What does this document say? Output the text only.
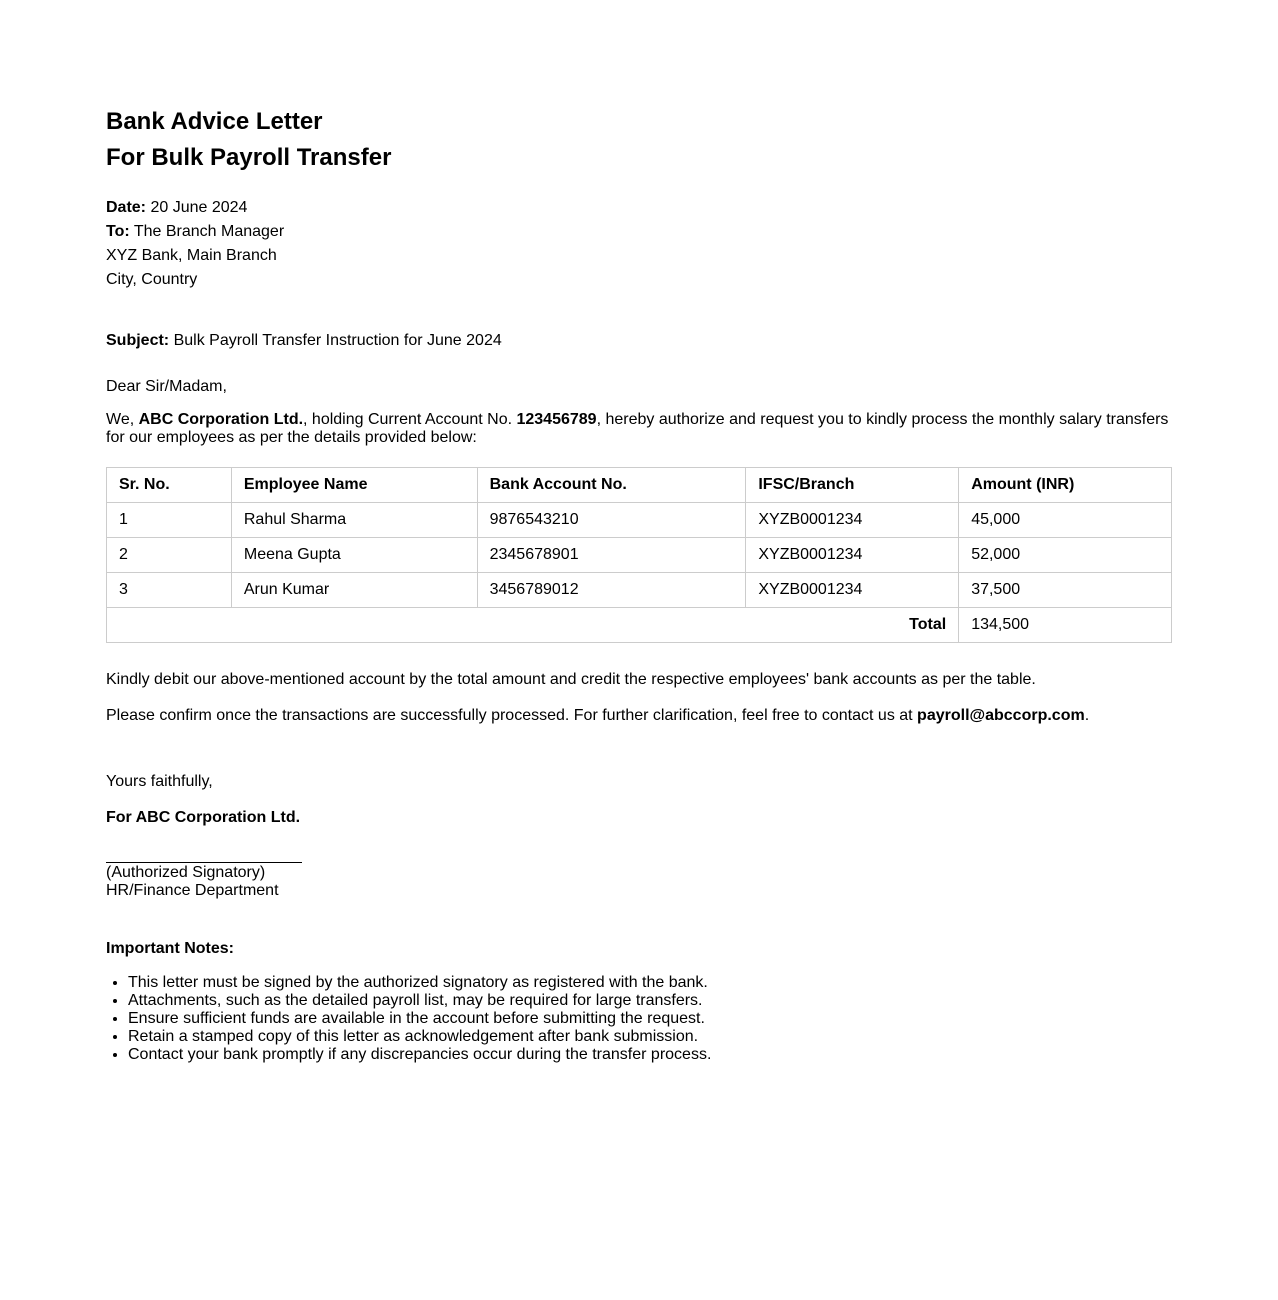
Bank Advice Letter
For Bulk Payroll Transfer
Date: 20 June 2024
To: The Branch Manager
XYZ Bank, Main Branch
City, Country
Subject: Bulk Payroll Transfer Instruction for June 2024
Dear Sir/Madam,
We, ABC Corporation Ltd., holding Current Account No. 123456789, hereby authorize and request you to kindly process the monthly salary transfers for our employees as per the details provided below:
Sr. No.	Employee Name	Bank Account No.	IFSC/Branch	Amount (INR)
1	Rahul Sharma	9876543210	XYZB0001234	45,000
2	Meena Gupta	2345678901	XYZB0001234	52,000
3	Arun Kumar	3456789012	XYZB0001234	37,500
Total				134,500
Kindly debit our above-mentioned account by the total amount and credit the respective employees' bank accounts as per the table.
Please confirm once the transactions are successfully processed. For further clarification, feel free to contact us at payroll@abccorp.com.
Yours faithfully,
For ABC Corporation Ltd.
(Authorized Signatory)
HR/Finance Department
Important Notes:
• This letter must be signed by the authorized signatory as registered with the bank.
• Attachments, such as the detailed payroll list, may be required for large transfers.
• Ensure sufficient funds are available in the account before submitting the request.
• Retain a stamped copy of this letter as acknowledgement after bank submission.
• Contact your bank promptly if any discrepancies occur during the transfer process.
